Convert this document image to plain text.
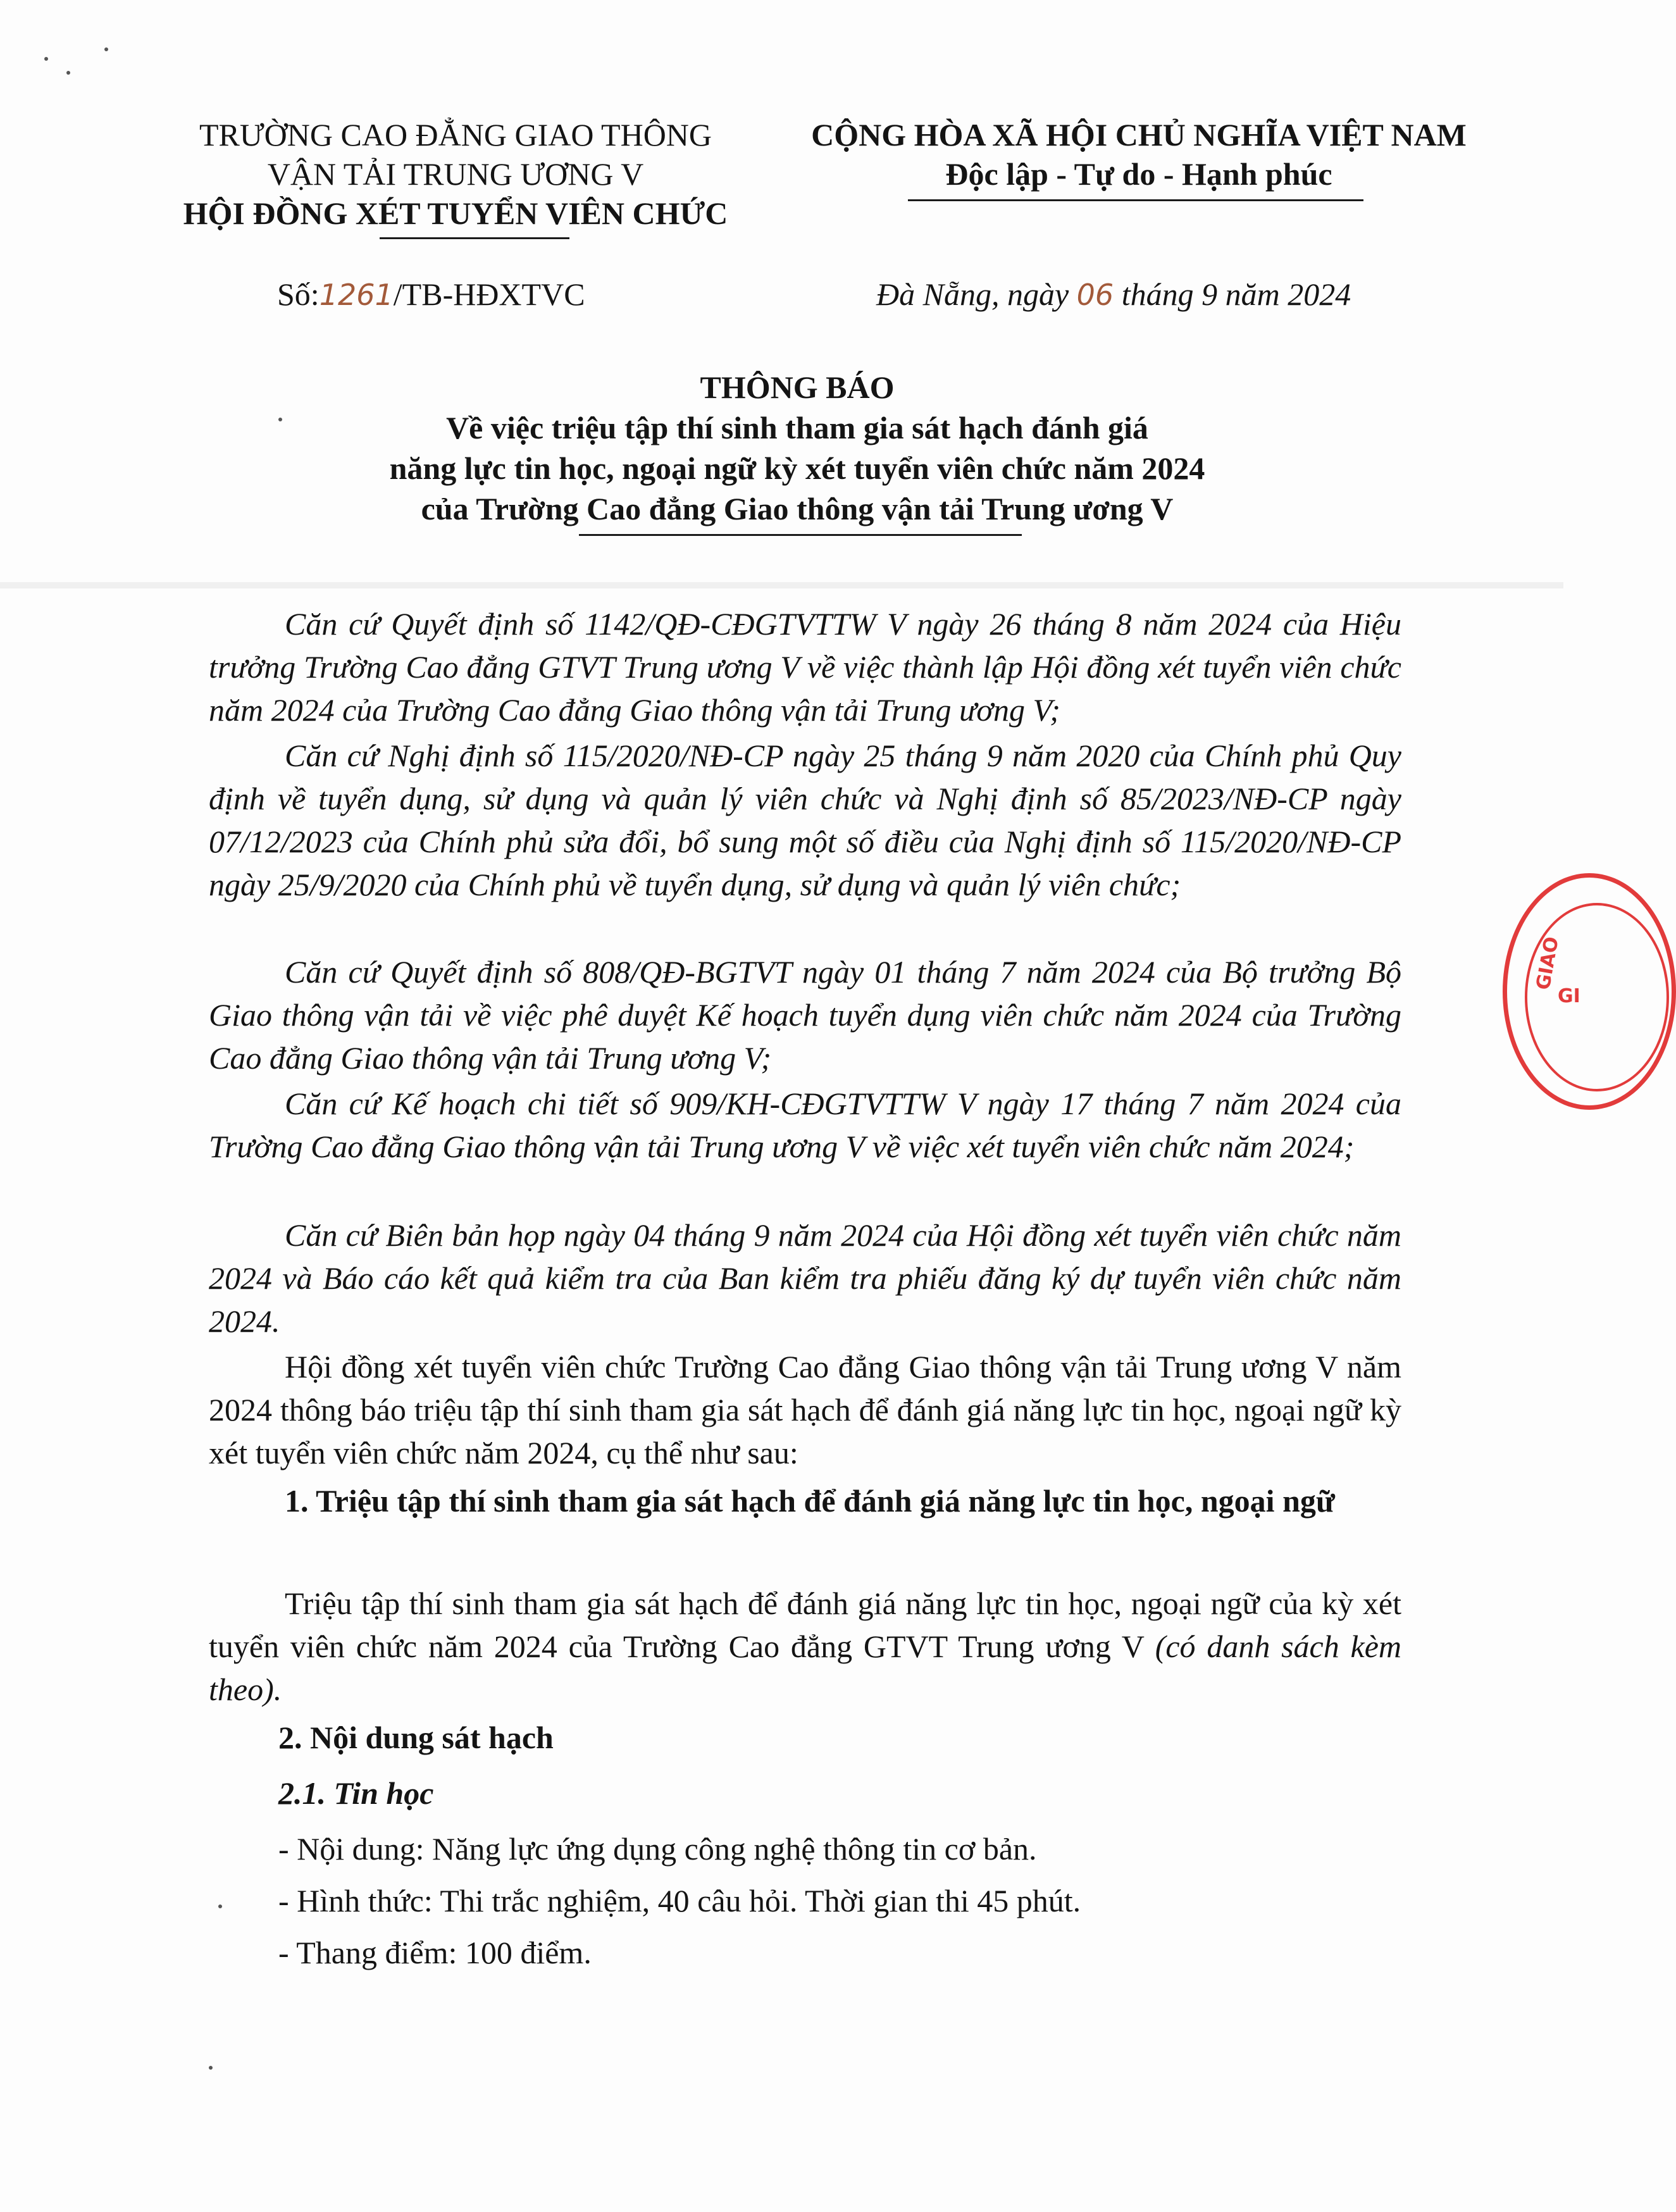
TRƯỜNG CAO ĐẲNG GIAO THÔNG
VẬN TẢI TRUNG ƯƠNG V
HỘI ĐỒNG XÉT TUYỂN VIÊN CHỨC
CỘNG HÒA XÃ HỘI CHỦ NGHĨA VIỆT NAM
Độc lập - Tự do - Hạnh phúc
Số:1261/TB-HĐXTVC	Đà Nẵng, ngày 06 tháng 9 năm 2024
THÔNG BÁO
Về việc triệu tập thí sinh tham gia sát hạch đánh giá
năng lực tin học, ngoại ngữ kỳ xét tuyển viên chức năm 2024
của Trường Cao đẳng Giao thông vận tải Trung ương V
Căn cứ Quyết định số 1142/QĐ-CĐGTVTTW V ngày 26 tháng 8 năm 2024 của Hiệu trưởng Trường Cao đẳng GTVT Trung ương V về việc thành lập Hội đồng xét tuyển viên chức năm 2024 của Trường Cao đẳng Giao thông vận tải Trung ương V;
Căn cứ Nghị định số 115/2020/NĐ-CP ngày 25 tháng 9 năm 2020 của Chính phủ Quy định về tuyển dụng, sử dụng và quản lý viên chức và Nghị định số 85/2023/NĐ-CP ngày 07/12/2023 của Chính phủ sửa đổi, bổ sung một số điều của Nghị định số 115/2020/NĐ-CP ngày 25/9/2020 của Chính phủ về tuyển dụng, sử dụng và quản lý viên chức;
Căn cứ Quyết định số 808/QĐ-BGTVT ngày 01 tháng 7 năm 2024 của Bộ trưởng Bộ Giao thông vận tải về việc phê duyệt Kế hoạch tuyển dụng viên chức năm 2024 của Trường Cao đẳng Giao thông vận tải Trung ương V;
Căn cứ Kế hoạch chi tiết số 909/KH-CĐGTVTTW V ngày 17 tháng 7 năm 2024 của Trường Cao đẳng Giao thông vận tải Trung ương V về việc xét tuyển viên chức năm 2024;
Căn cứ Biên bản họp ngày 04 tháng 9 năm 2024 của Hội đồng xét tuyển viên chức năm 2024 và Báo cáo kết quả kiểm tra của Ban kiểm tra phiếu đăng ký dự tuyển viên chức năm 2024.
Hội đồng xét tuyển viên chức Trường Cao đẳng Giao thông vận tải Trung ương V năm 2024 thông báo triệu tập thí sinh tham gia sát hạch để đánh giá năng lực tin học, ngoại ngữ kỳ xét tuyển viên chức năm 2024, cụ thể như sau:
1. Triệu tập thí sinh tham gia sát hạch để đánh giá năng lực tin học, ngoại ngữ
Triệu tập thí sinh tham gia sát hạch để đánh giá năng lực tin học, ngoại ngữ của kỳ xét tuyển viên chức năm 2024 của Trường Cao đẳng GTVT Trung ương V (có danh sách kèm theo).
2. Nội dung sát hạch
2.1. Tin học
- Nội dung: Năng lực ứng dụng công nghệ thông tin cơ bản.
- Hình thức: Thi trắc nghiệm, 40 câu hỏi. Thời gian thi 45 phút.
- Thang điểm: 100 điểm.
GIAO
GI
